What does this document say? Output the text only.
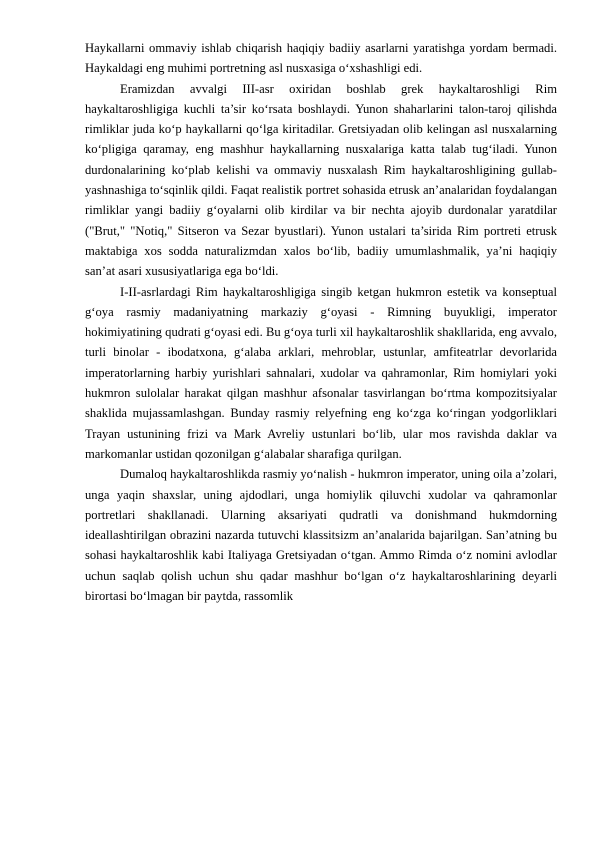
Haykallarni ommaviy ishlab chiqarish haqiqiy badiiy asarlarni yaratishga yordam bermadi. Haykaldagi eng muhimi portretning asl nusxasiga o‘xshashligi edi.

Eramizdan avvalgi III-asr oxiridan boshlab grek haykaltaroshligi Rim haykaltaroshligiga kuchli ta’sir ko‘rsata boshlaydi. Yunon shaharlarini talon-taroj qilishda rimliklar juda ko‘p haykallarni qo‘lga kiritadilar. Gretsiyadan olib kelingan asl nusxalarning ko‘pligiga qaramay, eng mashhur haykallarning nusxalariga katta talab tug‘iladi. Yunon durdonalarining ko‘plab kelishi va ommaviy nusxalash Rim haykaltaroshligining gullab-yashnashiga to‘sqinlik qildi. Faqat realistik portret sohasida etrusk an’analaridan foydalangan rimliklar yangi badiiy g‘oyalarni olib kirdilar va bir nechta ajoyib durdonalar yaratdilar ("Brut," "Notiq," Sitseron va Sezar byustlari). Yunon ustalari ta’sirida Rim portreti etrusk maktabiga xos sodda naturalizmdan xalos bo‘lib, badiiy umumlashmalik, ya’ni haqiqiy san’at asari xususiyatlariga ega bo‘ldi.

I-II-asrlardagi Rim haykaltaroshligiga singib ketgan hukmron estetik va konseptual g‘oya rasmiy madaniyatning markaziy g‘oyasi - Rimning buyukligi, imperator hokimiyatining qudrati g‘oyasi edi. Bu g‘oya turli xil haykaltaroshlik shakllarida, eng avvalo, turli binolar - ibodatxona, g‘alaba arklari, mehroblar, ustunlar, amfiteatrlar devorlarida imperatorlarning harbiy yurishlari sahnalari, xudolar va qahramonlar, Rim homiylari yoki hukmron sulolalar harakat qilgan mashhur afsonalar tasvirlangan bo‘rtma kompozitsiyalar shaklida mujassamlashgan. Bunday rasmiy relyefning eng ko‘zga ko‘ringan yodgorliklari Trayan ustunining frizi va Mark Avreliy ustunlari bo‘lib, ular mos ravishda daklar va markomanlar ustidan qozonilgan g‘alabalar sharafiga qurilgan.

Dumaloq haykaltaroshlikda rasmiy yo‘nalish - hukmron imperator, uning oila a’zolari, unga yaqin shaxslar, uning ajdodlari, unga homiylik qiluvchi xudolar va qahramonlar portretlari shakllanadi. Ularning aksariyati qudratli va donishmand hukmdorning ideallashtirilgan obrazini nazarda tutuvchi klassitsizm an’analarida bajarilgan. San’atning bu sohasi haykaltaroshlik kabi Italiyaga Gretsiyadan o‘tgan. Ammo Rimda o‘z nomini avlodlar uchun saqlab qolish uchun shu qadar mashhur bo‘lgan o‘z haykaltaroshlarining deyarli birortasi bo‘lmagan bir paytda, rassomlik
